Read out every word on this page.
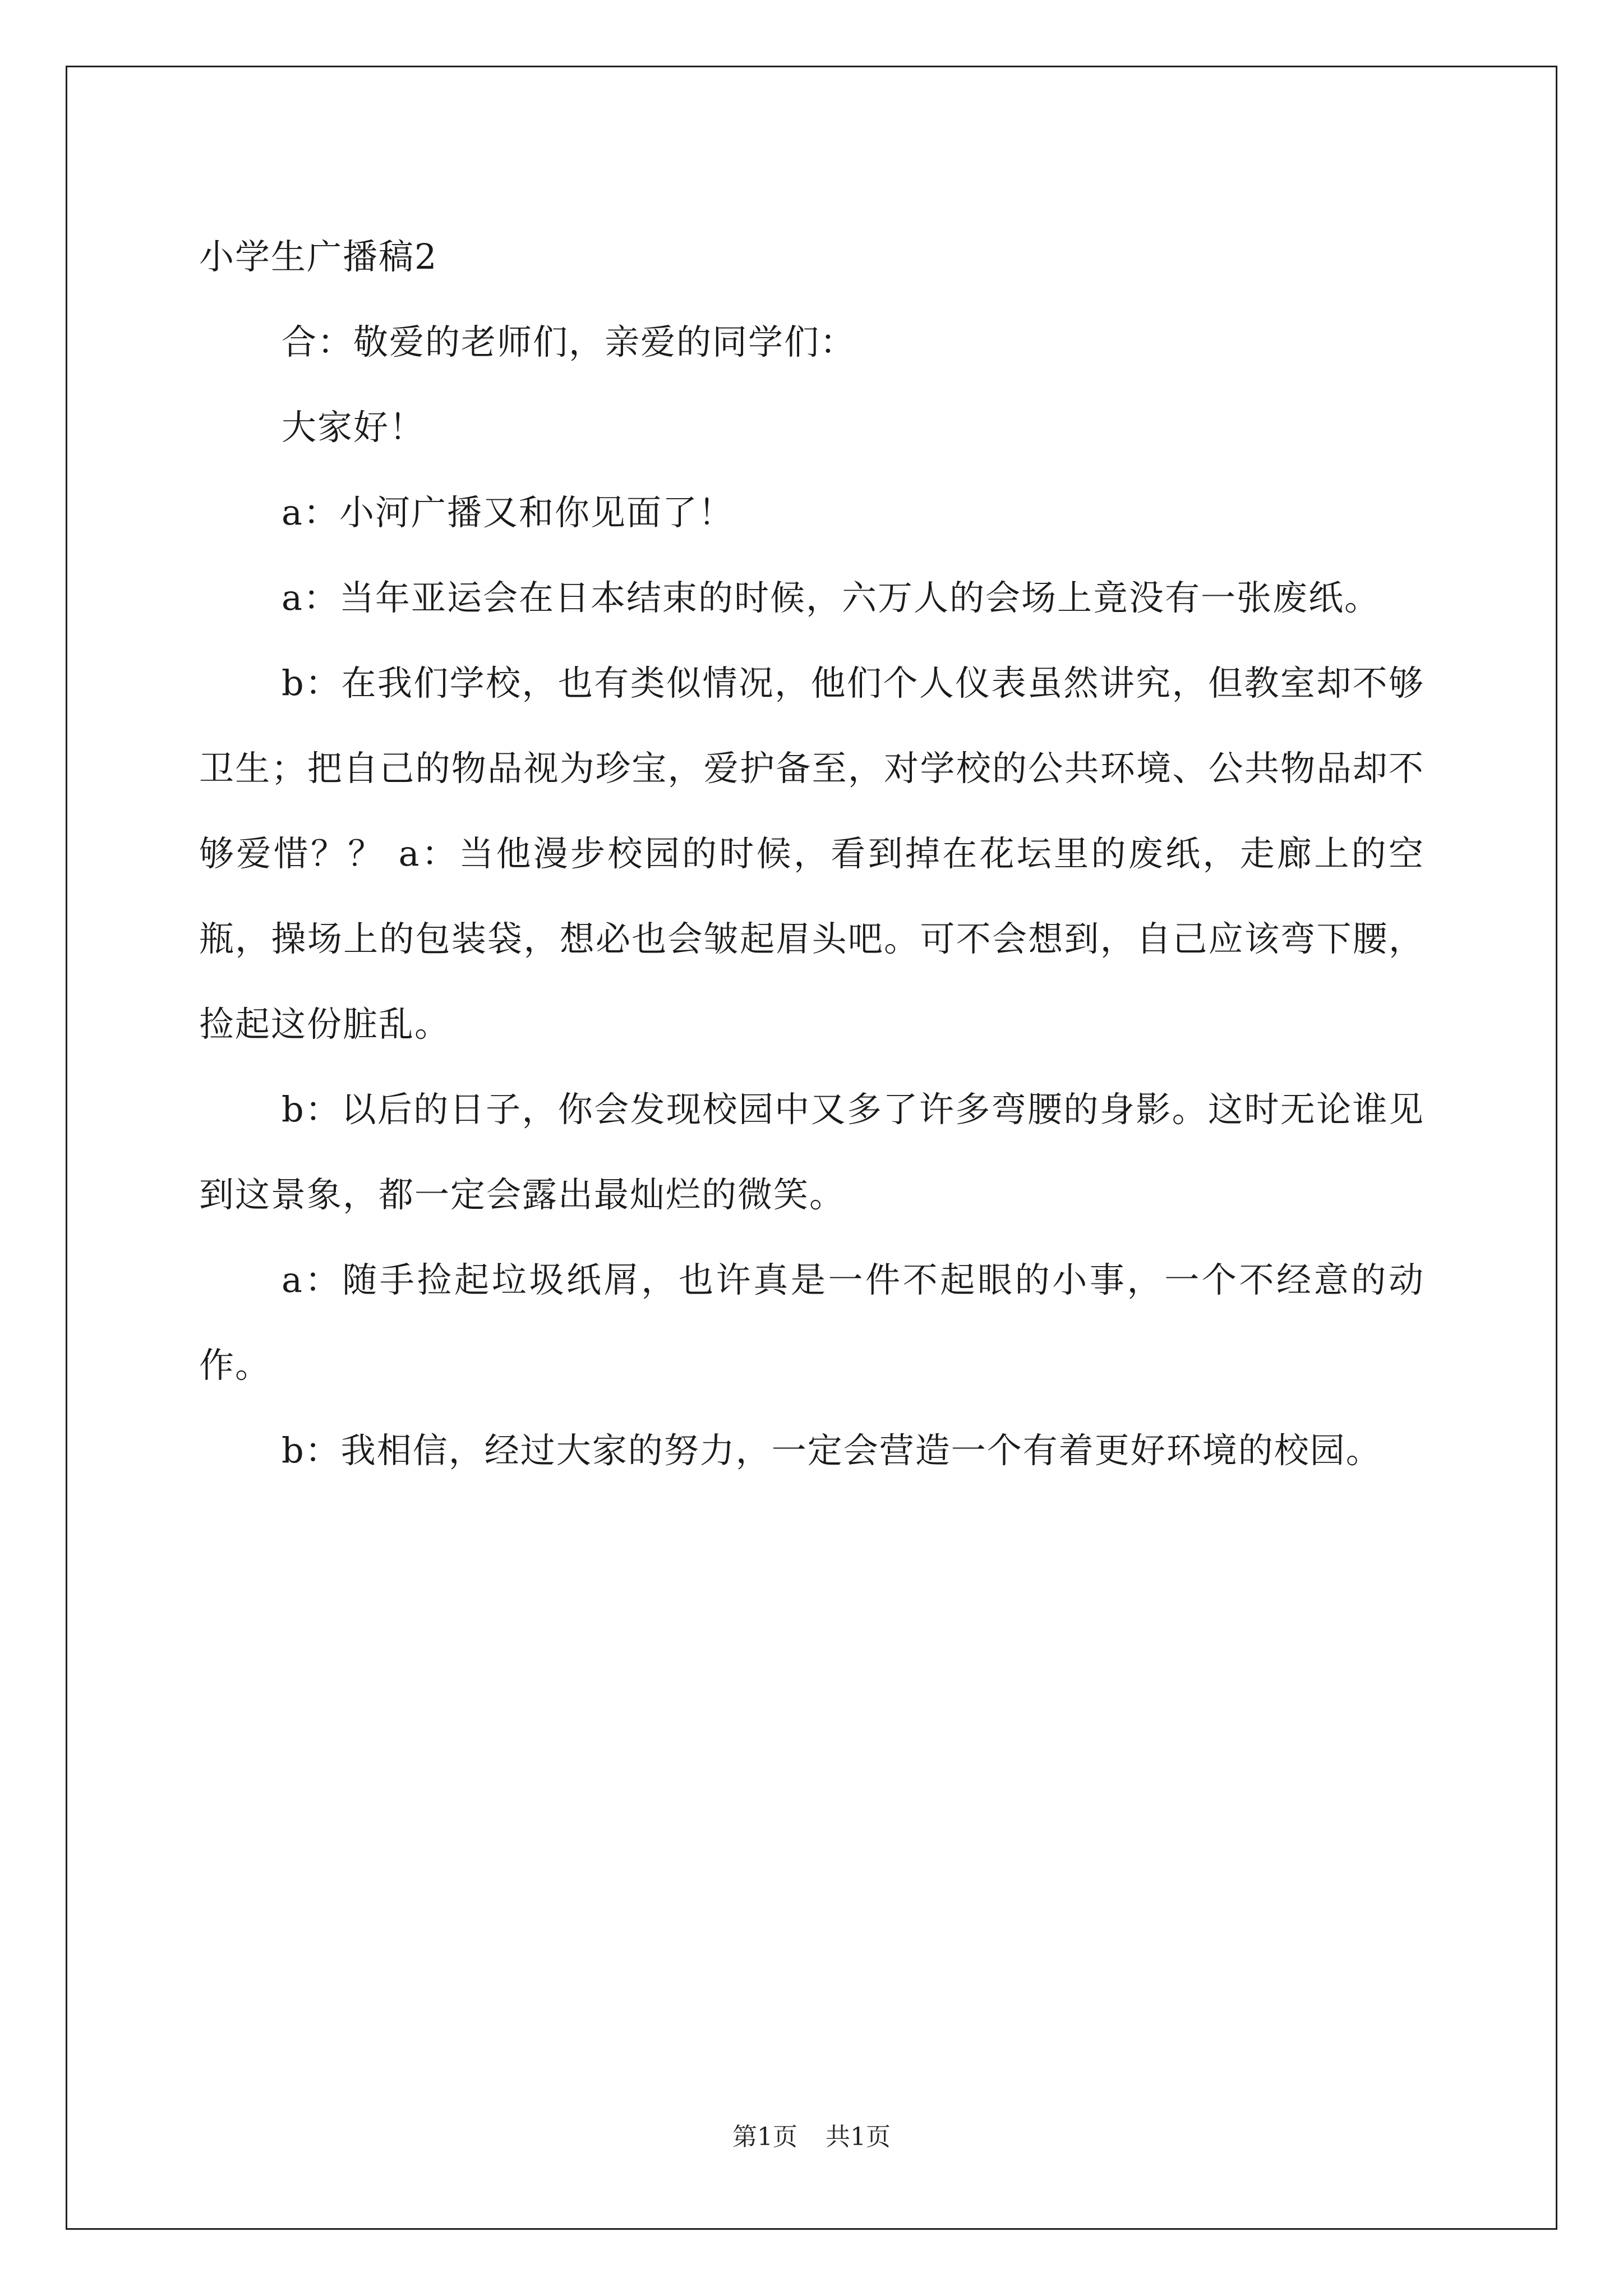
小学生广播稿2

合：敬爱的老师们，亲爱的同学们：

大家好！

a：小河广播又和你见面了！

a：当年亚运会在日本结束的时候，六万人的会场上竟没有一张废纸。

b：在我们学校，也有类似情况，他们个人仪表虽然讲究，但教室却不够卫生；把自己的物品视为珍宝，爱护备至，对学校的公共环境、公共物品却不够爱惜？？ a：当他漫步校园的时候，看到掉在花坛里的废纸，走廊上的空瓶，操场上的包装袋，想必也会皱起眉头吧。可不会想到，自己应该弯下腰，捡起这份脏乱。

b：以后的日子，你会发现校园中又多了许多弯腰的身影。这时无论谁见到这景象，都一定会露出最灿烂的微笑。

a：随手捡起垃圾纸屑，也许真是一件不起眼的小事，一个不经意的动作。

b：我相信，经过大家的努力，一定会营造一个有着更好环境的校园。

第1页 共1页
